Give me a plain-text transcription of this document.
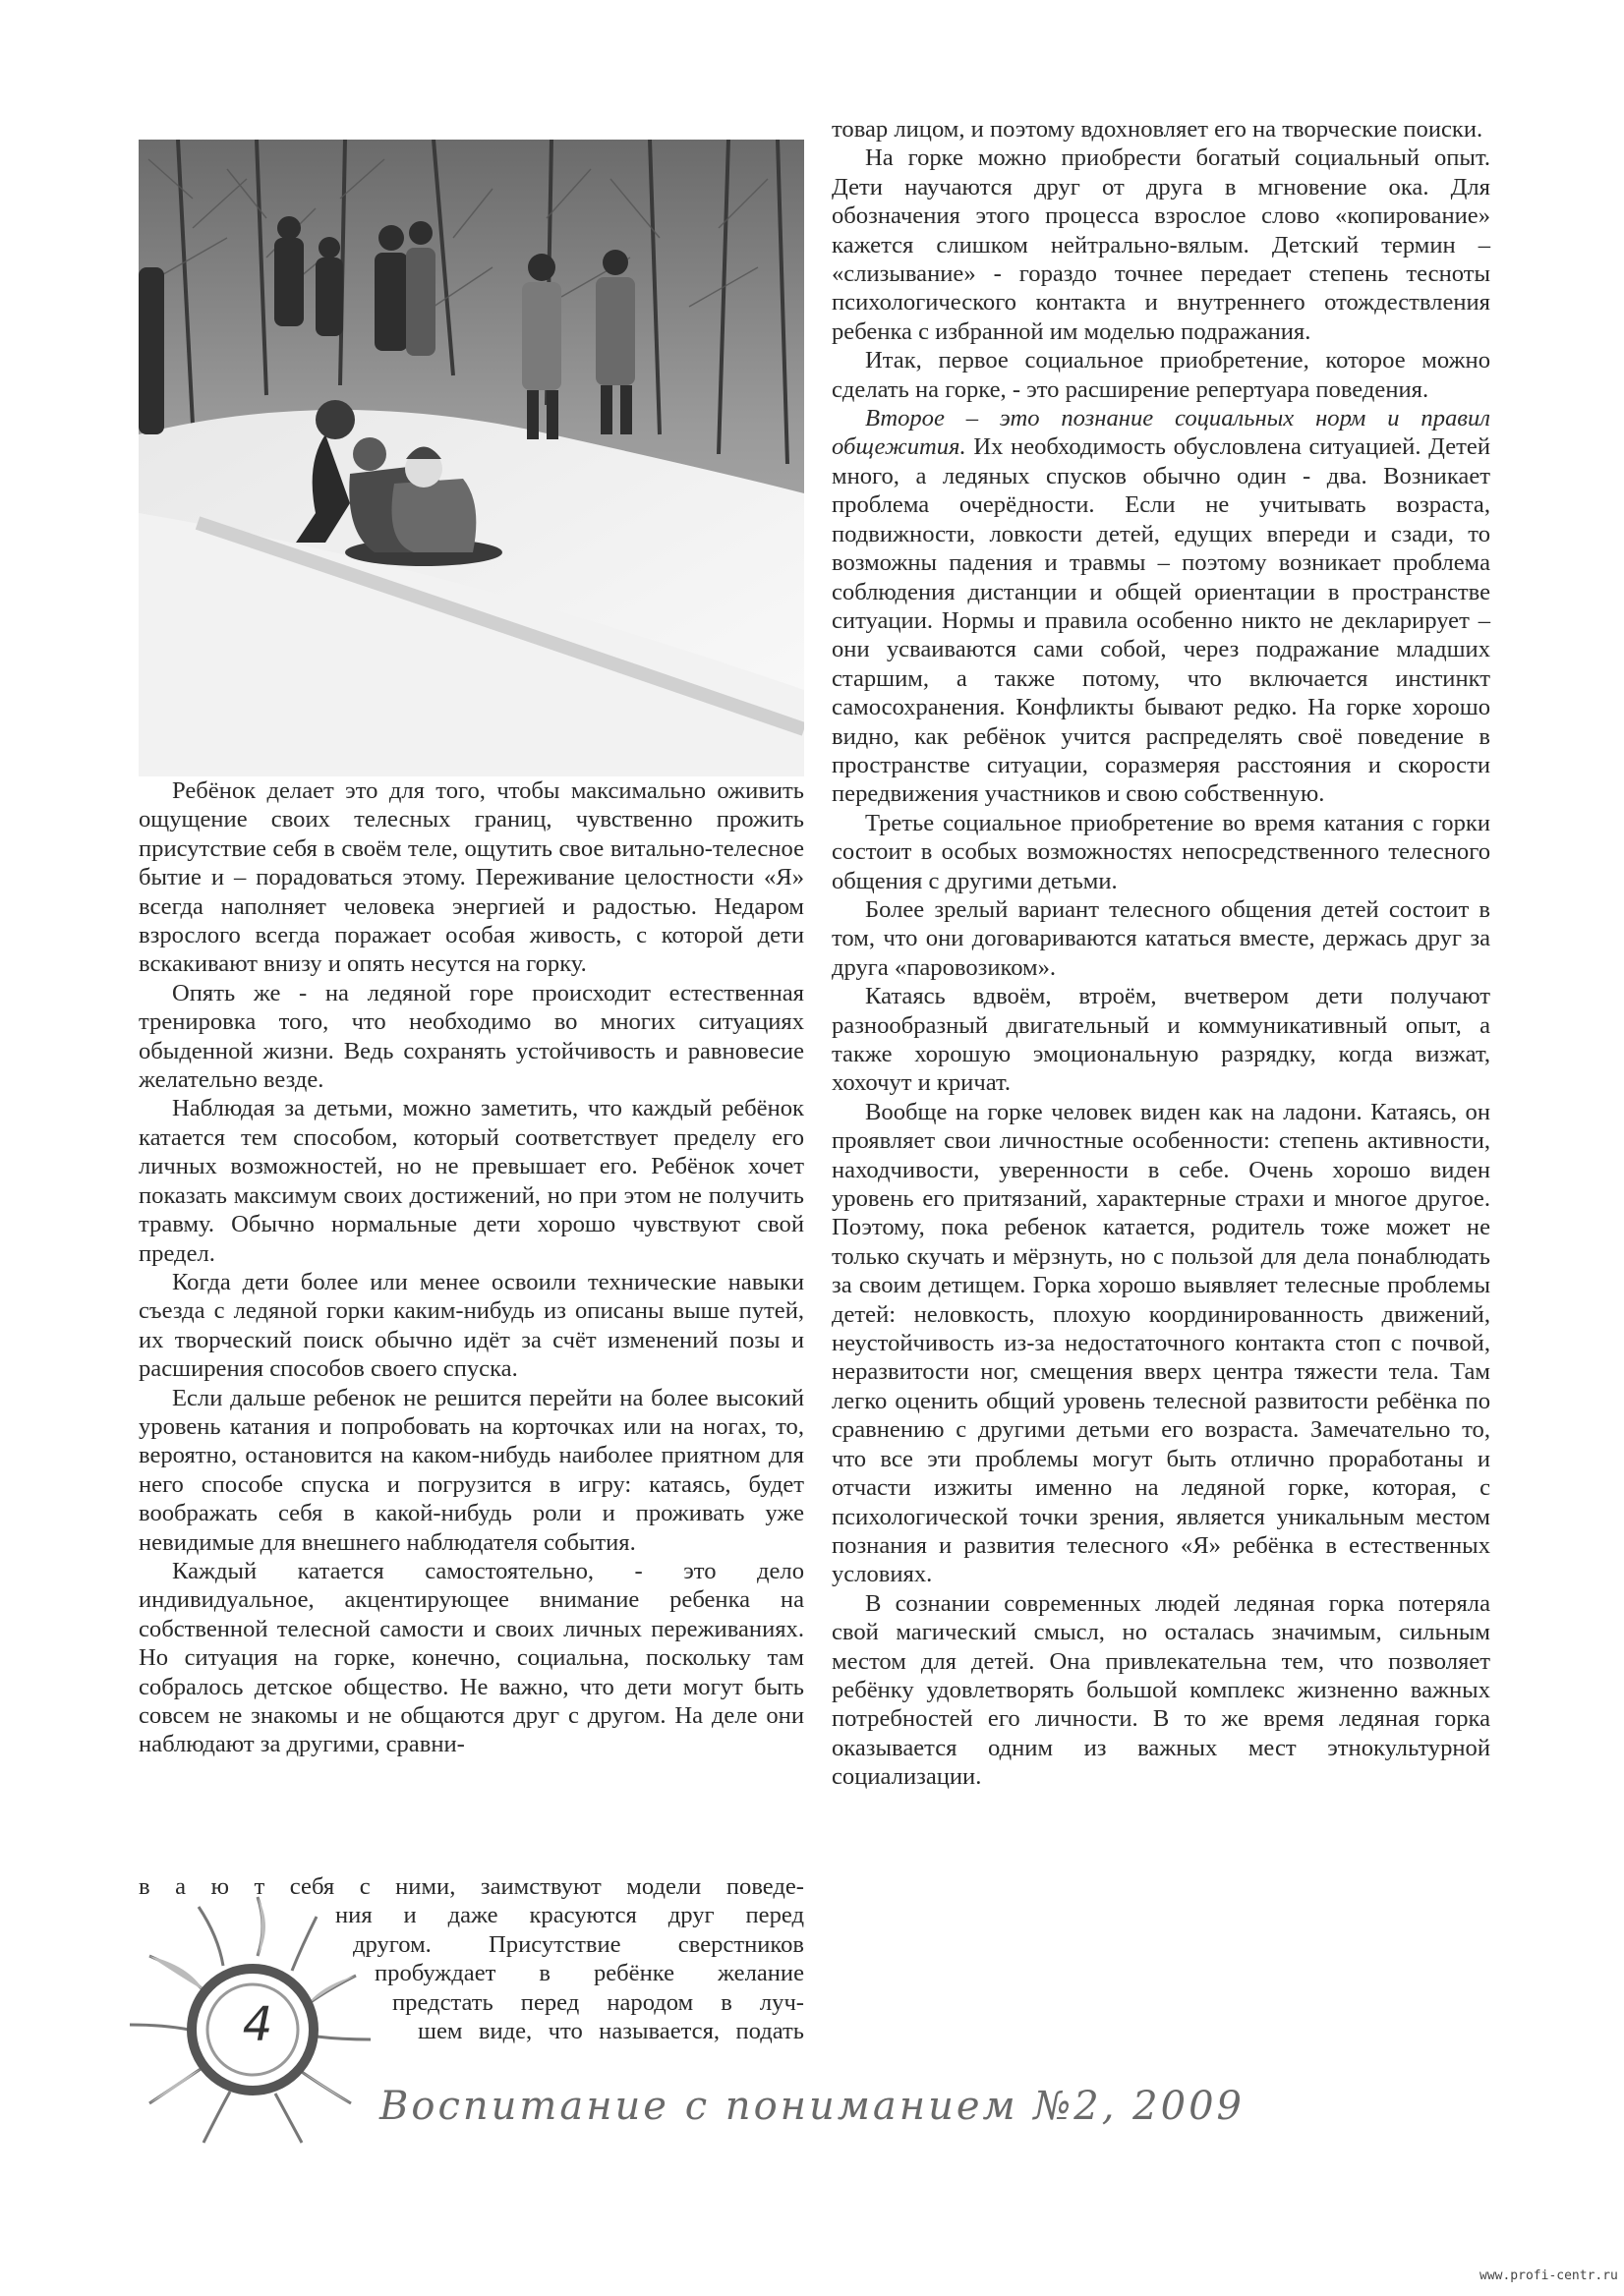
Ребёнок делает это для того, чтобы максимально оживить ощущение своих телесных границ, чувственно прожить присутствие себя в своём теле, ощутить свое витально-телесное бытие и – порадоваться этому. Переживание целостности «Я» всегда наполняет человека энергией и радостью. Недаром взрослого всегда поражает особая живость, с которой дети вскакивают внизу и опять несутся на горку.

Опять же - на ледяной горе происходит естественная тренировка того, что необходимо во многих ситуациях обыденной жизни. Ведь сохранять устойчивость и равновесие желательно везде.

Наблюдая за детьми, можно заметить, что каждый ребёнок катается тем способом, который соответствует пределу его личных возможностей, но не превышает его. Ребёнок хочет показать максимум своих достижений, но при этом не получить травму. Обычно нормальные дети хорошо чувствуют свой предел.

Когда дети более или менее освоили технические навыки съезда с ледяной горки каким-нибудь из описаны выше путей, их творческий поиск обычно идёт за счёт изменений позы и расширения способов своего спуска.

Если дальше ребенок не решится перейти на более высокий уровень катания и попробовать на корточках или на ногах, то, вероятно, остановится на каком-нибудь наиболее приятном для него способе спуска и погрузится в игру: катаясь, будет воображать себя в какой-нибудь роли и проживать уже невидимые для внешнего наблюдателя события.

Каждый катается самостоятельно, - это дело индивидуальное, акцентирующее внимание ребенка на собственной телесной самости и своих личных переживаниях. Но ситуация на горке, конечно, социальна, поскольку там собралось детское общество. Не важно, что дети могут быть совсем не знакомы и не общаются друг с другом. На деле они наблюдают за другими, сравни-

в а ю т себя с ними, заимствуют модели поведе-
ния и даже красуются друг перед
другом. Присутствие сверстников
пробуждает в ребёнке желание
предстать перед народом в луч-
шем виде, что называется, подать

товар лицом, и поэтому вдохновляет его на творческие поиски.

На горке можно приобрести богатый социальный опыт. Дети научаются друг от друга в мгновение ока. Для обозначения этого процесса взрослое слово «копирование» кажется слишком нейтрально-вялым. Детский термин – «слизывание» - гораздо точнее передает степень тесноты психологического контакта и внутреннего отождествления ребенка с избранной им моделью подражания.

Итак, первое социальное приобретение, которое можно сделать на горке, - это расширение репертуара поведения.

Второе – это познание социальных норм и правил общежития. Их необходимость обусловлена ситуацией. Детей много, а ледяных спусков обычно один - два. Возникает проблема очерёдности. Если не учитывать возраста, подвижности, ловкости детей, едущих впереди и сзади, то возможны падения и травмы – поэтому возникает проблема соблюдения дистанции и общей ориентации в пространстве ситуации. Нормы и правила особенно никто не декларирует – они усваиваются сами собой, через подражание младших старшим, а также потому, что включается инстинкт самосохранения. Конфликты бывают редко. На горке хорошо видно, как ребёнок учится распределять своё поведение в пространстве ситуации, соразмеряя расстояния и скорости передвижения участников и свою собственную.

Третье социальное приобретение во время катания с горки состоит в особых возможностях непосредственного телесного общения с другими детьми.

Более зрелый вариант телесного общения детей состоит в том, что они договариваются кататься вместе, держась друг за друга «паровозиком».

Катаясь вдвоём, втроём, вчетвером дети получают разнообразный двигательный и коммуникативный опыт, а также хорошую эмоциональную разрядку, когда визжат, хохочут и кричат.

Вообще на горке человек виден как на ладони. Катаясь, он проявляет свои личностные особенности: степень активности, находчивости, уверенности в себе. Очень хорошо виден уровень его притязаний, характерные страхи и многое другое. Поэтому, пока ребенок катается, родитель тоже может не только скучать и мёрзнуть, но с пользой для дела понаблюдать за своим детищем. Горка хорошо выявляет телесные проблемы детей: неловкость, плохую координированность движений, неустойчивость из-за недостаточного контакта стоп с почвой, неразвитости ног, смещения вверх центра тяжести тела. Там легко оценить общий уровень телесной развитости ребёнка по сравнению с другими детьми его возраста. Замечательно то, что все эти проблемы могут быть отлично проработаны и отчасти изжиты именно на ледяной горке, которая, с психологической точки зрения, является уникальным местом познания и развития телесного «Я» ребёнка в естественных условиях.

В сознании современных людей ледяная горка потеряла свой магический смысл, но осталась значимым, сильным местом для детей. Она привлекательна тем, что позволяет ребёнку удовлетворять большой комплекс жизненно важных потребностей его личности. В то же время ледяная горка оказывается одним из важных мест этнокультурной социализации.

4
Воспитание с пониманием №2, 2009
www.profi-centr.ru
